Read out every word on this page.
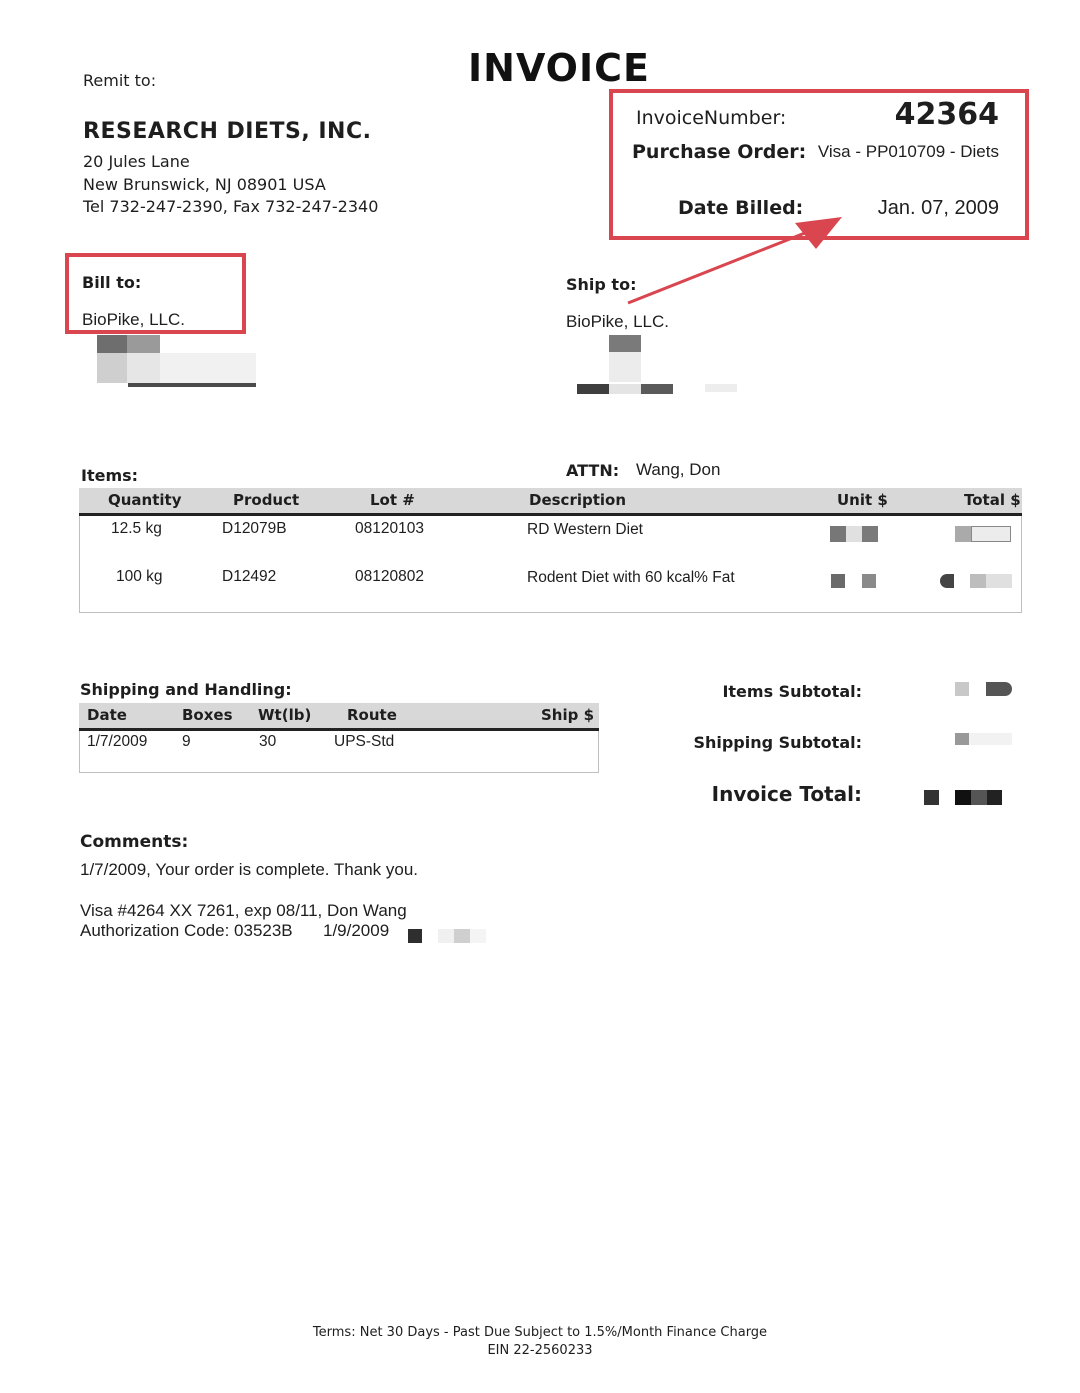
INVOICE
Remit to:
RESEARCH DIETS, INC.
20 Jules Lane
New Brunswick, NJ 08901 USA
Tel 732-247-2390, Fax 732-247-2340
InvoiceNumber:	42364
Purchase Order: Visa - PP010709 - Diets
Date Billed:	Jan. 07, 2009
Bill to:
BioPike, LLC.
Ship to:
BioPike, LLC.
ATTN: Wang, Don
Items:
Quantity	Product	Lot #	Description	Unit $	Total $
12.5 kg	D12079B	08120103	RD Western Diet
100 kg	D12492	08120802	Rodent Diet with 60 kcal% Fat
Shipping and Handling:
Date	Boxes Wt(lb) Route	Ship $
1/7/2009 9	30	UPS-Std
Items Subtotal:
Shipping Subtotal:
Invoice Total:
Comments:
1/7/2009, Your order is complete. Thank you.
Visa #4264 XX 7261, exp 08/11, Don Wang
Authorization Code: 03523B 1/9/2009
Terms: Net 30 Days - Past Due Subject to 1.5%/Month Finance Charge
EIN 22-2560233
